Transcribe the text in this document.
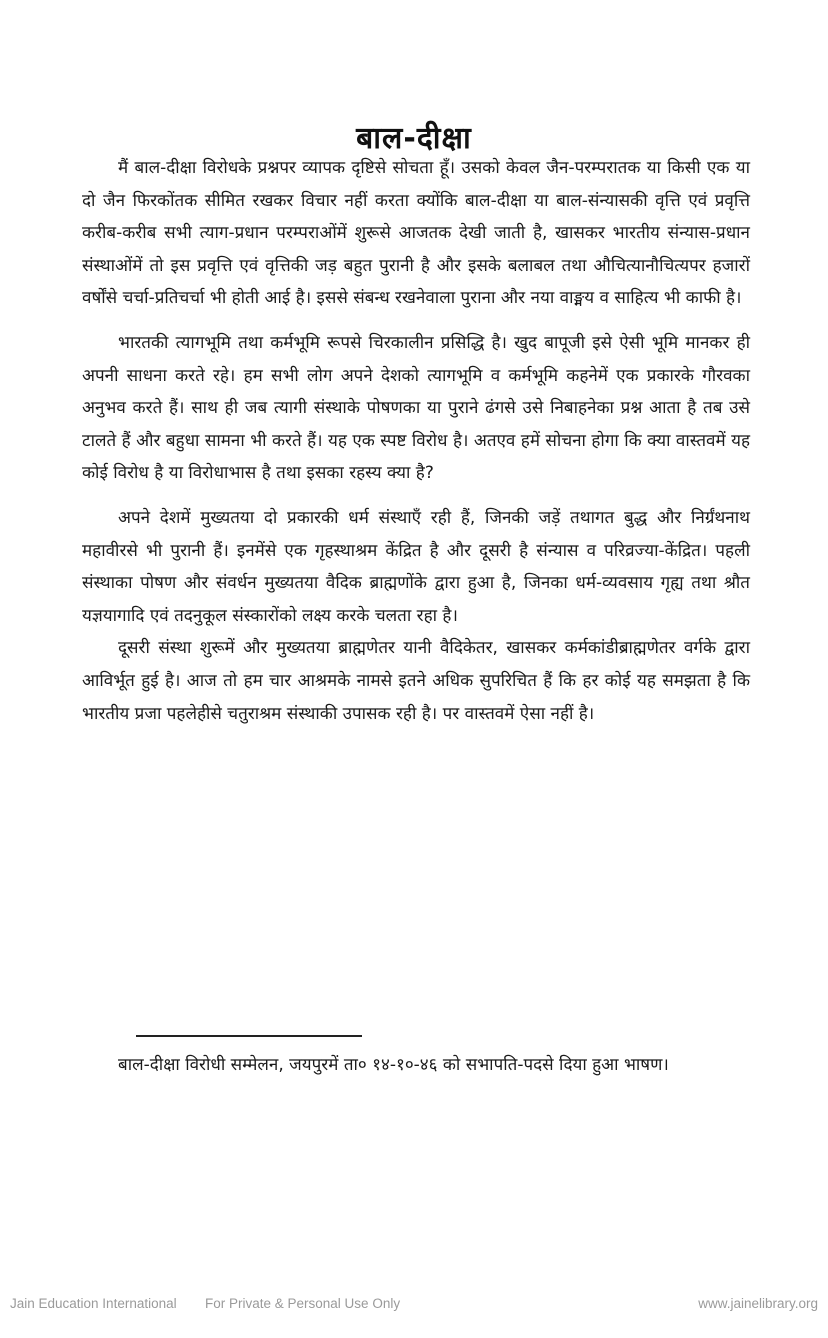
बाल-दीक्षा

मैं बाल-दीक्षा विरोधके प्रश्नपर व्यापक दृष्टिसे सोचता हूँ। उसको केवल जैन-परम्परातक या किसी एक या दो जैन फिरकोंतक सीमित रखकर विचार नहीं करता क्योंकि बाल-दीक्षा या बाल-संन्यासकी वृत्ति एवं प्रवृत्ति करीब-करीब सभी त्याग-प्रधान परम्पराओंमें शुरूसे आजतक देखी जाती है, खासकर भारतीय संन्यास-प्रधान संस्थाओंमें तो इस प्रवृत्ति एवं वृत्तिकी जड़ बहुत पुरानी है और इसके बलाबल तथा औचित्यानौचित्यपर हजारों वर्षोंसे चर्चा-प्रतिचर्चा भी होती आई है। इससे संबन्ध रखनेवाला पुराना और नया वाङ्मय व साहित्य भी काफी है।

भारतकी त्यागभूमि तथा कर्मभूमि रूपसे चिरकालीन प्रसिद्धि है। खुद बापूजी इसे ऐसी भूमि मानकर ही अपनी साधना करते रहे। हम सभी लोग अपने देशको त्यागभूमि व कर्मभूमि कहनेमें एक प्रकारके गौरवका अनुभव करते हैं। साथ ही जब त्यागी संस्थाके पोषणका या पुराने ढंगसे उसे निबाहनेका प्रश्न आता है तब उसे टालते हैं और बहुधा सामना भी करते हैं। यह एक स्पष्ट विरोध है। अतएव हमें सोचना होगा कि क्या वास्तवमें यह कोई विरोध है या विरोधाभास है तथा इसका रहस्य क्या है?

अपने देशमें मुख्यतया दो प्रकारकी धर्म संस्थाएँ रही हैं, जिनकी जड़ें तथागत बुद्ध और निर्ग्रंथनाथ महावीरसे भी पुरानी हैं। इनमेंसे एक गृहस्थाश्रम केंद्रित है और दूसरी है संन्यास व परिव्रज्या-केंद्रित। पहली संस्थाका पोषण और संवर्धन मुख्यतया वैदिक ब्राह्मणोंके द्वारा हुआ है, जिनका धर्म-व्यवसाय गृह्य तथा श्रौत यज्ञयागादि एवं तदनुकूल संस्कारोंको लक्ष्य करके चलता रहा है।

दूसरी संस्था शुरूमें और मुख्यतया ब्राह्मणेतर यानी वैदिकेतर, खासकर कर्मकांडीब्राह्मणेतर वर्गके द्वारा आविर्भूत हुई है। आज तो हम चार आश्रमके नामसे इतने अधिक सुपरिचित हैं कि हर कोई यह समझता है कि भारतीय प्रजा पहलेहीसे चतुराश्रम संस्थाकी उपासक रही है। पर वास्तवमें ऐसा नहीं है।

बाल-दीक्षा विरोधी सम्मेलन, जयपुरमें ता० १४-१०-४६ को सभापति-पदसे दिया हुआ भाषण।

Jain Education International For Private & Personal Use Only	www.jainelibrary.org
